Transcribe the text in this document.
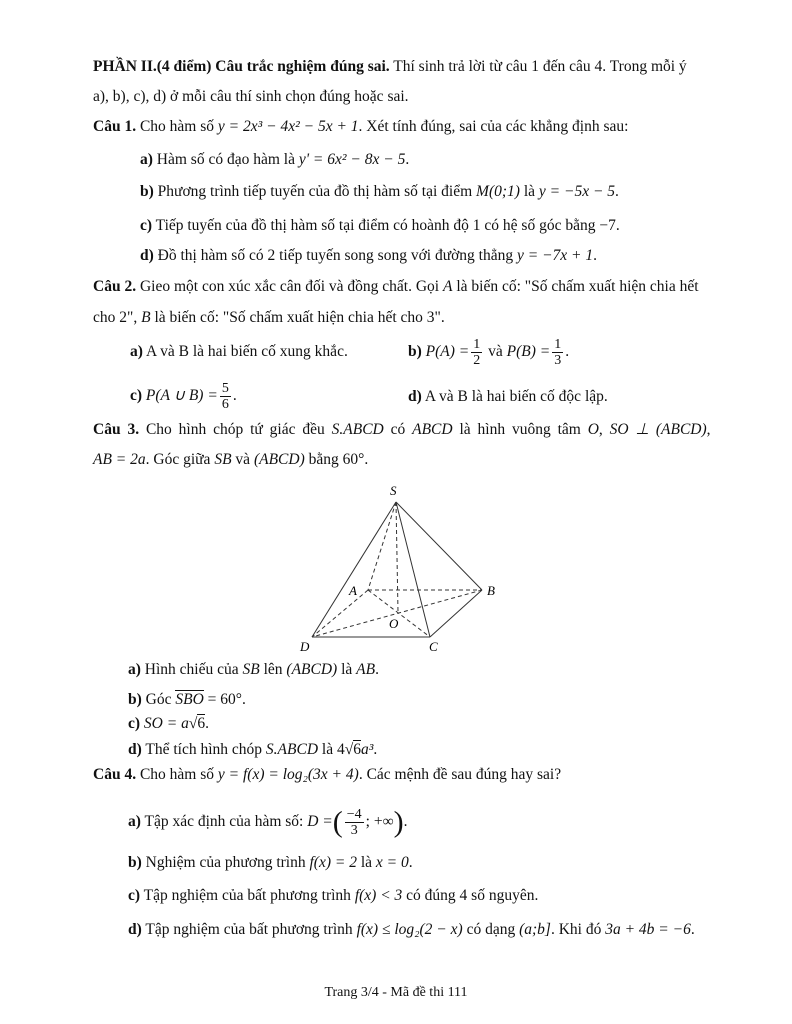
PHẦN II.(4 điểm) Câu trắc nghiệm đúng sai. Thí sinh trả lời từ câu 1 đến câu 4. Trong mỗi ý
a), b), c), d) ở mỗi câu thí sinh chọn đúng hoặc sai.
Câu 1. Cho hàm số y = 2x³ − 4x² − 5x + 1. Xét tính đúng, sai của các khẳng định sau:
a) Hàm số có đạo hàm là y' = 6x² − 8x − 5.
b) Phương trình tiếp tuyến của đồ thị hàm số tại điểm M(0;1) là y = −5x − 5.
c) Tiếp tuyến của đồ thị hàm số tại điểm có hoành độ 1 có hệ số góc bằng −7.
d) Đồ thị hàm số có 2 tiếp tuyến song song với đường thẳng y = −7x + 1.
Câu 2. Gieo một con xúc xắc cân đối và đồng chất. Gọi A là biến cố: "Số chấm xuất hiện chia hết
cho 2", B là biến cố: "Số chấm xuất hiện chia hết cho 3".
a) A và B là hai biến cố xung khắc.	b) $P(A) = \frac{1}{2}$ và $P(B) = \frac{1}{3}$ .
c) P(A ∪ $B) = \frac{5}{6}$ .	d) A và B là hai biến cố độc lập.
Câu 3. Cho hình chóp tứ giác đều S.ABCD có ABCD là hình vuông tâm O, SO ⊥ (ABCD),
AB = 2a. Góc giữa SB và (ABCD) bằng 60°.
S
A	B
O
D	C
a) Hình chiếu của SB lên (ABCD) là AB.
b) Góc SBO = 60°.
c) SO = a√6.
d) Thể tích hình chóp S.ABCD là 4√6a³.
Câu 4. Cho hàm số y = f(x) = log₂(3x + 4). Các mệnh đề sau đúng hay sai?
a) Tập xác định của hàm số: D =( $\frac{-4}{3}$ ; +∞).
b) Nghiệm của phương trình f(x) = 2 là x = 0.
c) Tập nghiệm của bất phương trình f(x) < 3 có đúng 4 số nguyên.
d) Tập nghiệm của bất phương trình f(x) ≤ log₂(2 − x) có dạng (a;b]. Khi đó 3a + 4b = −6.
Trang 3/4 - Mã đề thi 111
